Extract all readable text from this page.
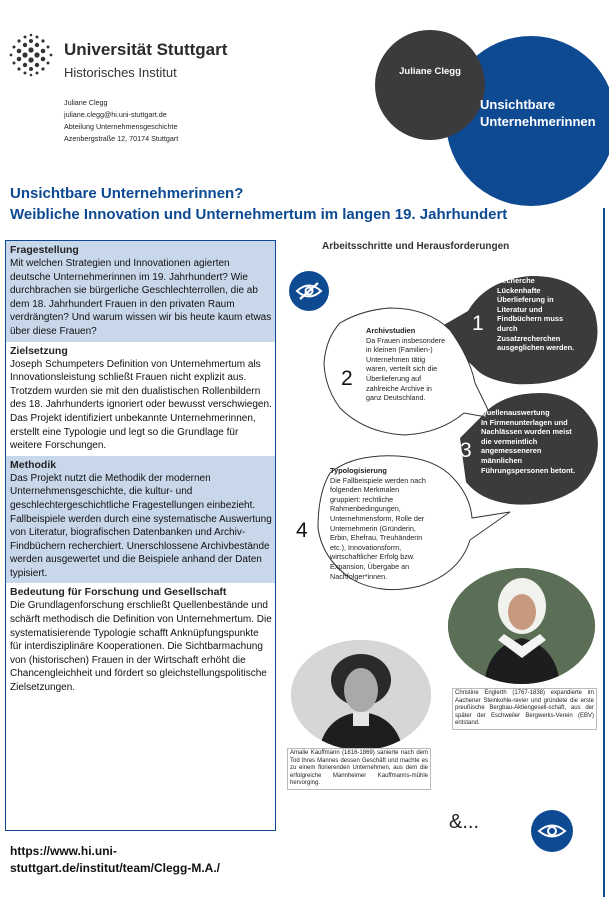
Universität Stuttgart
Historisches Institut
Juliane Clegg
juliane.clegg@hi.uni-stuttgart.de
Abteilung Unternehmensgeschichte
Azenbergstraße 12, 70174 Stuttgart
Juliane Clegg
Unsichtbare Unternehmerinnen
Unsichtbare Unternehmerinnen?
Weibliche Innovation und Unternehmertum im langen 19. Jahrhundert
Fragestellung
Mit welchen Strategien und Innovationen agierten deutsche Unternehmerinnen im 19. Jahrhundert? Wie durchbrachen sie bürgerliche Geschlechterrollen, die ab dem 18. Jahrhundert Frauen in den privaten Raum verdrängten? Und warum wissen wir bis heute kaum etwas über diese Frauen?
Zielsetzung
Joseph Schumpeters Definition von Unternehmertum als Innovationsleistung schließt Frauen nicht explizit aus. Trotzdem wurden sie mit den dualistischen Rollenbildern des 18. Jahrhunderts ignoriert oder bewusst verschwiegen. Das Projekt identifiziert unbekannte Unternehmerinnen, erstellt eine Typologie und legt so die Grundlage für weitere Forschungen.
Methodik
Das Projekt nutzt die Methodik der modernen Unternehmensgeschichte, die kultur- und geschlechtergeschichtliche Fragestellungen einbezieht. Fallbeispiele werden durch eine systematische Auswertung von Literatur, biografischen Datenbanken und Archiv-Findbüchern recherchiert. Unerschlossene Archivbestände werden ausgewertet und die Beispiele anhand der Daten typisiert.
Bedeutung für Forschung und Gesellschaft
Die Grundlagenforschung erschließt Quellenbestände und schärft methodisch die Definition von Unternehmertum. Die systematisierende Typologie schafft Anknüpfungspunkte für interdisziplinäre Kooperationen. Die Sichtbarmachung von (historischen) Frauen in der Wirtschaft erhöht die Chancengleichheit und fördert so gleichstellungspolitische Zielsetzungen.
https://www.hi.uni-stuttgart.de/institut/team/Clegg-M.A./
Arbeitsschritte und Herausforderungen
1
Recherche
Lückenhafte Überlieferung in Literatur und Findbüchern muss durch Zusatzrecherchen ausgeglichen werden.
2
Archivstudien
Da Frauen insbesondere in kleinen (Familien-) Unternehmen tätig waren, verteilt sich die Überlieferung auf zahlreiche Archive in ganz Deutschland.
3
Quellenauswertung
In Firmenunterlagen und Nachlässen wurden meist die vermeintlich angemesseneren männlichen Führungspersonen betont.
4
Typologisierung
Die Fallbeispiele werden nach folgenden Merkmalen gruppiert: rechtliche Rahmenbedingungen, Unternehmensform, Rolle der Unternehmerin (Gründerin, Erbin, Ehefrau, Treuhänderin etc.), Innovationsform, wirtschaftlicher Erfolg bzw. Expansion, Übergabe an Nachfolger*innen.
Amalie Kauffmann (1816-1869) sanierte nach dem Tod Ihres Mannes dessen Geschäft und machte es zu einem florierenden Unternehmen, aus dem die erfolgreiche Mannheimer Kauffmanns-mühle hervorging.
Christine Englerth (1767-1838) expandierte im Aachener Steinkohle-revier und gründete die erste preußische Bergbau-Aktiengesell-schaft, aus der später der Eschweiler Bergwerks-Verein (EBV) entstand.
&...
